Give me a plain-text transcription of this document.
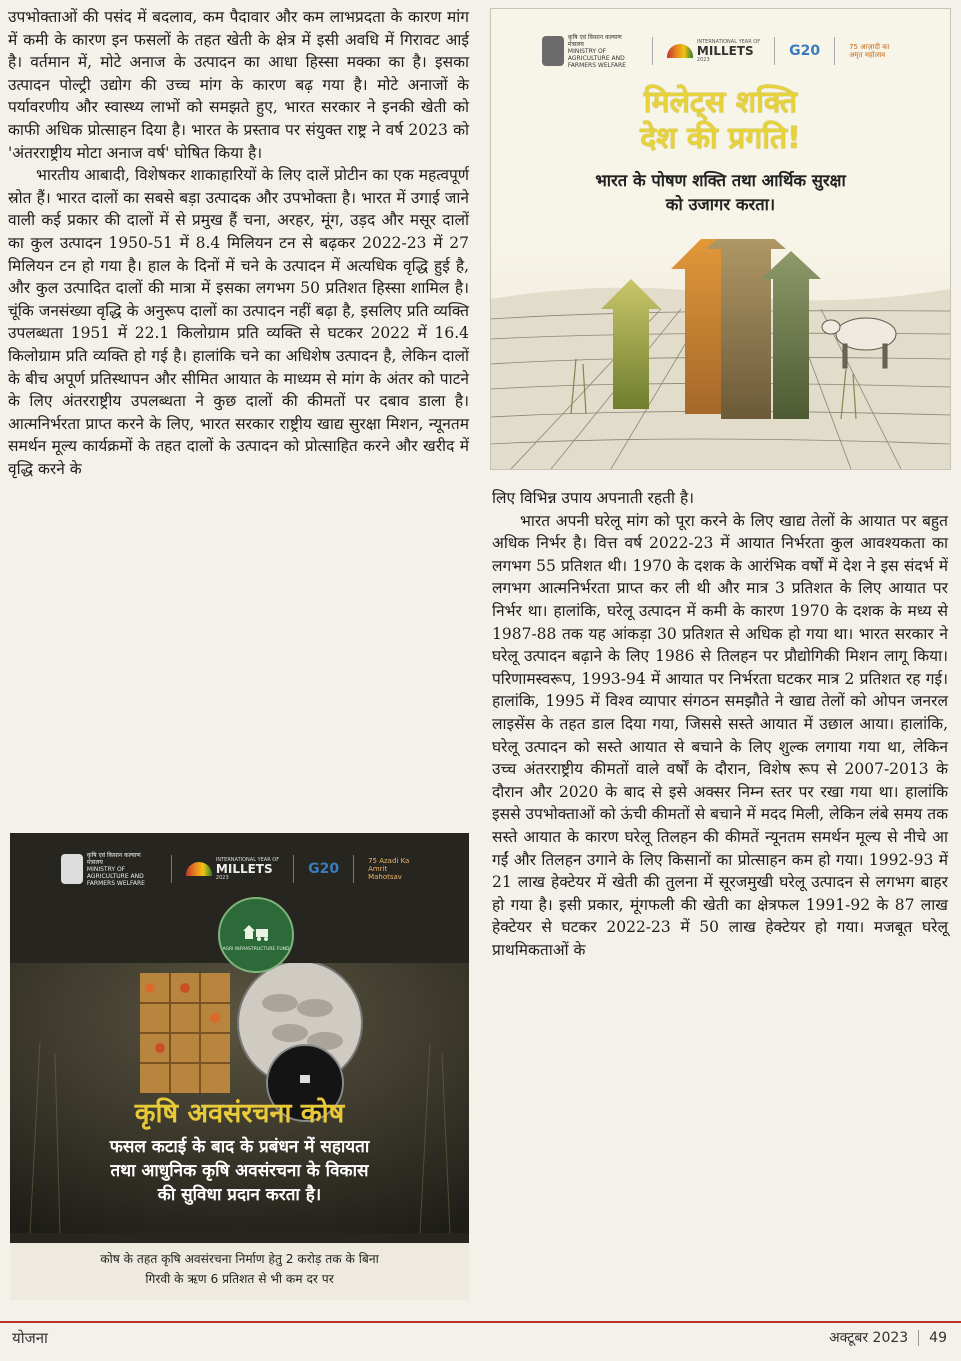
उपभोक्ताओं की पसंद में बदलाव, कम पैदावार और कम लाभप्रदता के कारण मांग में कमी के कारण इन फसलों के तहत खेती के क्षेत्र में इसी अवधि में गिरावट आई है। वर्तमान में, मोटे अनाज के उत्पादन का आधा हिस्सा मक्का का है। इसका उत्पादन पोल्ट्री उद्योग की उच्च मांग के कारण बढ़ गया है। मोटे अनाजों के पर्यावरणीय और स्वास्थ्य लाभों को समझते हुए, भारत सरकार ने इनकी खेती को काफी अधिक प्रोत्साहन दिया है। भारत के प्रस्ताव पर संयुक्त राष्ट्र ने वर्ष 2023 को 'अंतरराष्ट्रीय मोटा अनाज वर्ष' घोषित किया है।

भारतीय आबादी, विशेषकर शाकाहारियों के लिए दालें प्रोटीन का एक महत्वपूर्ण स्रोत हैं। भारत दालों का सबसे बड़ा उत्पादक और उपभोक्ता है। भारत में उगाई जाने वाली कई प्रकार की दालों में से प्रमुख हैं चना, अरहर, मूंग, उड़द और मसूर दालों का कुल उत्पादन 1950-51 में 8.4 मिलियन टन से बढ़कर 2022-23 में 27 मिलियन टन हो गया है। हाल के दिनों में चने के उत्पादन में अत्यधिक वृद्धि हुई है, और कुल उत्पादित दालों की मात्रा में इसका लगभग 50 प्रतिशत हिस्सा शामिल है। चूंकि जनसंख्या वृद्धि के अनुरूप दालों का उत्पादन नहीं बढ़ा है, इसलिए प्रति व्यक्ति उपलब्धता 1951 में 22.1 किलोग्राम प्रति व्यक्ति से घटकर 2022 में 16.4 किलोग्राम प्रति व्यक्ति हो गई है। हालांकि चने का अधिशेष उत्पादन है, लेकिन दालों के बीच अपूर्ण प्रतिस्थापन और सीमित आयात के माध्यम से मांग के अंतर को पाटने के लिए अंतरराष्ट्रीय उपलब्धता ने कुछ दालों की कीमतों पर दबाव डाला है। आत्मनिर्भरता प्राप्त करने के लिए, भारत सरकार राष्ट्रीय खाद्य सुरक्षा मिशन, न्यूनतम समर्थन मूल्य कार्यक्रमों के तहत दालों के उत्पादन को प्रोत्साहित करने और खरीद में वृद्धि करने के

कृषि एवं किसान कल्याण मंत्रालय
MINISTRY OF AGRICULTURE AND FARMERS WELFARE
INTERNATIONAL YEAR OF
MILLETS
2023
G20	75 आज़ादी का अमृत महोत्सव
मिलेट्स शक्ति
देश की प्रगति!
भारत के पोषण शक्ति तथा आर्थिक सुरक्षा
को उजागर करता।

लिए विभिन्न उपाय अपनाती रहती है।

भारत अपनी घरेलू मांग को पूरा करने के लिए खाद्य तेलों के आयात पर बहुत अधिक निर्भर है। वित्त वर्ष 2022-23 में आयात निर्भरता कुल आवश्यकता का लगभग 55 प्रतिशत थी। 1970 के दशक के आरंभिक वर्षों में देश ने इस संदर्भ में लगभग आत्मनिर्भरता प्राप्त कर ली थी और मात्र 3 प्रतिशत के लिए आयात पर निर्भर था। हालांकि, घरेलू उत्पादन में कमी के कारण 1970 के दशक के मध्य से 1987-88 तक यह आंकड़ा 30 प्रतिशत से अधिक हो गया था। भारत सरकार ने घरेलू उत्पादन बढ़ाने के लिए 1986 से तिलहन पर प्रौद्योगिकी मिशन लागू किया। परिणामस्वरूप, 1993-94 में आयात पर निर्भरता घटकर मात्र 2 प्रतिशत रह गई। हालांकि, 1995 में विश्व व्यापार संगठन समझौते ने खाद्य तेलों को ओपन जनरल लाइसेंस के तहत डाल दिया गया, जिससे सस्ते आयात में उछाल आया। हालांकि, घरेलू उत्पादन को सस्ते आयात से बचाने के लिए शुल्क लगाया गया था, लेकिन उच्च अंतरराष्ट्रीय कीमतों वाले वर्षों के दौरान, विशेष रूप से 2007-2013 के दौरान और 2020 के बाद से इसे अक्सर निम्न स्तर पर रखा गया था। हालांकि इससे उपभोक्ताओं को ऊंची कीमतों से बचाने में मदद मिली, लेकिन लंबे समय तक सस्ते आयात के कारण घरेलू तिलहन की कीमतें न्यूनतम समर्थन मूल्य से नीचे आ गईं और तिलहन उगाने के लिए किसानों का प्रोत्साहन कम हो गया। 1992-93 में 21 लाख हेक्टेयर में खेती की तुलना में सूरजमुखी घरेलू उत्पादन से लगभग बाहर हो गया है। इसी प्रकार, मूंगफली की खेती का क्षेत्रफल 1991-92 के 87 लाख हेक्टेयर से घटकर 2022-23 में 50 लाख हेक्टेयर हो गया। मजबूत घरेलू प्राथमिकताओं के

कृषि एवं किसान कल्याण मंत्रालय
MINISTRY OF AGRICULTURE AND FARMERS WELFARE
INTERNATIONAL YEAR OF
MILLETS
2023
G20	75 Azadi Ka Amrit Mahotsav
AGRI INFRASTRUCTURE FUND
कृषि अवसंरचना कोष
फसल कटाई के बाद के प्रबंधन में सहायता
तथा आधुनिक कृषि अवसंरचना के विकास
की सुविधा प्रदान करता है।
कोष के तहत कृषि अवसंरचना निर्माण हेतु 2 करोड़ तक के बिना
गिरवी के ऋण 6 प्रतिशत से भी कम दर पर
योजना	अक्टूबर 2023 49
